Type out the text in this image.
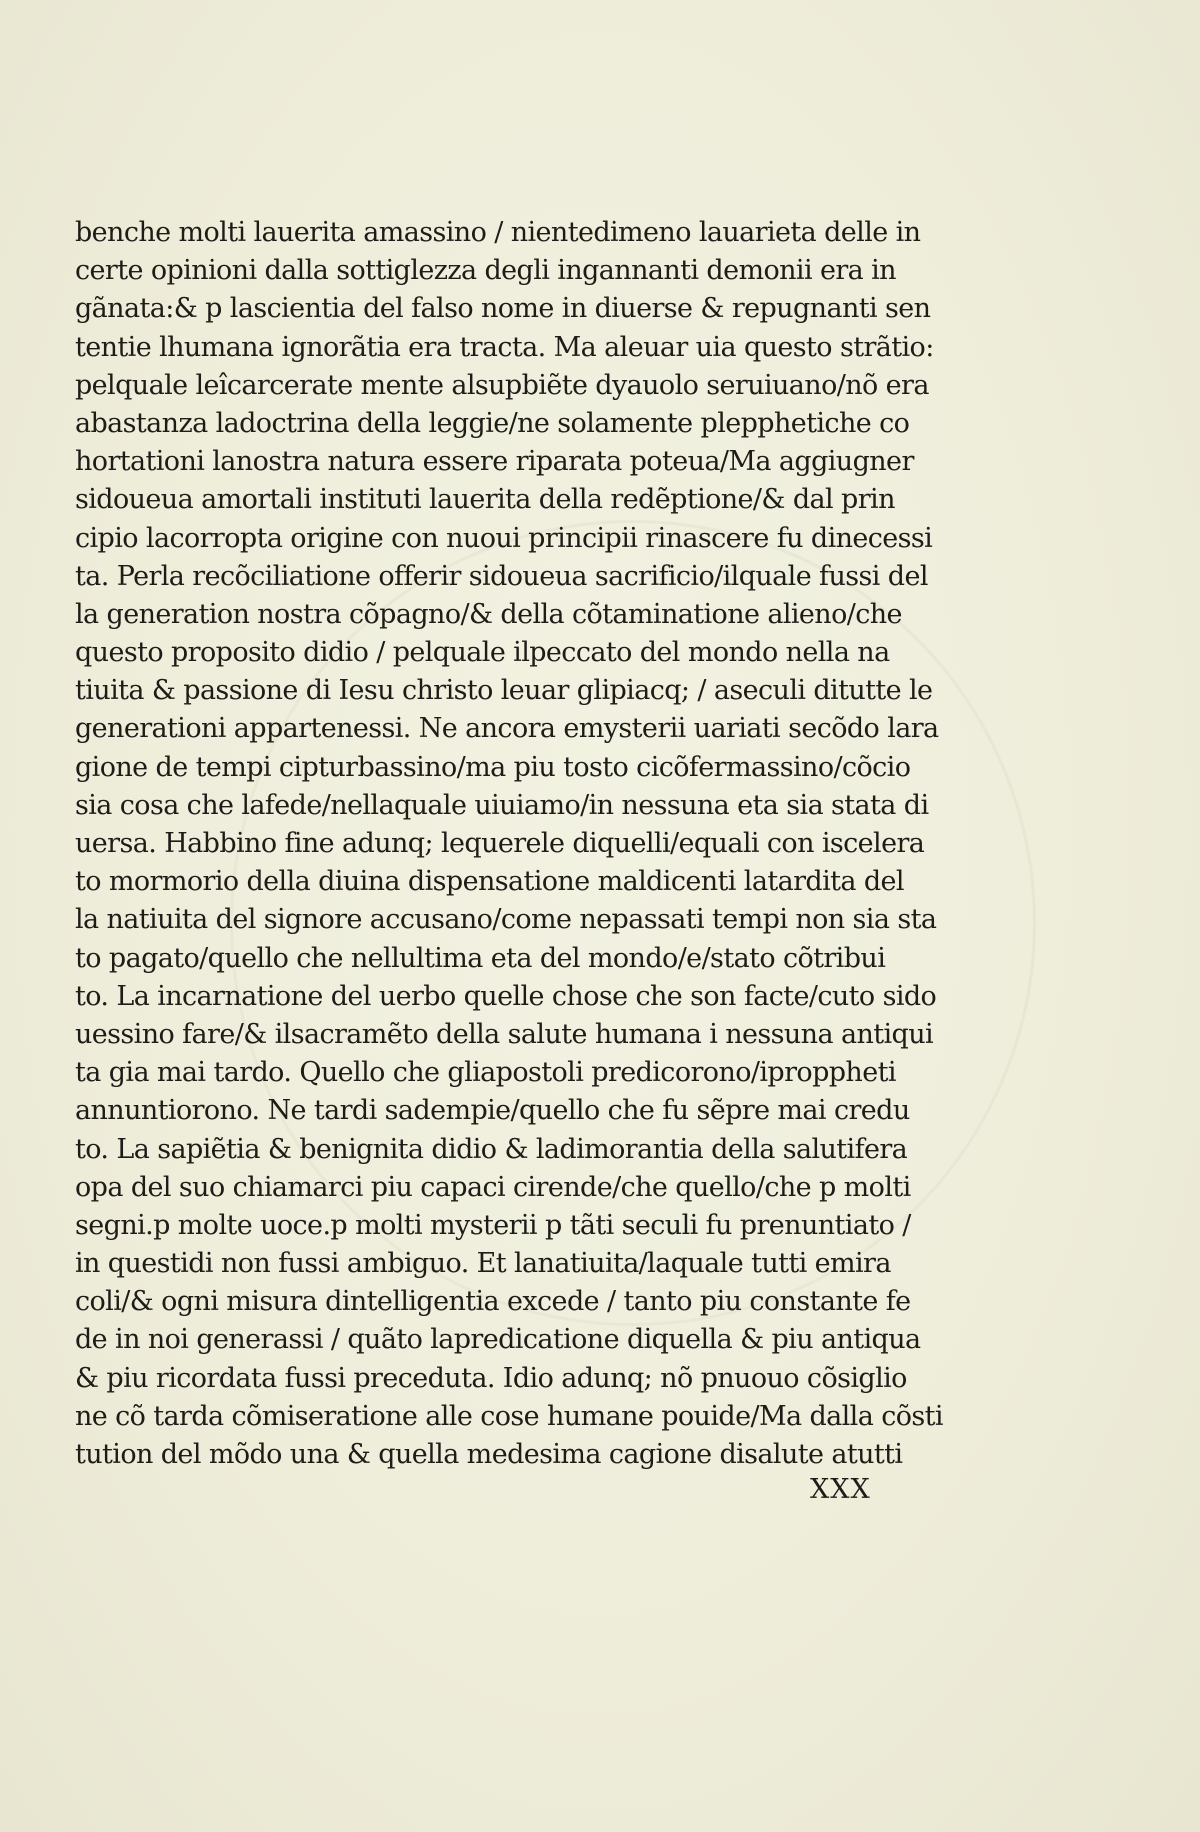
benche molti lauerita amassino / nientedimeno lauarieta delle in
certe opinioni dalla sottiglezza degli ingannanti demonii era in
gãnata:& p lascientia del falso nome in diuerse & repugnanti sen
tentie lhumana ignorãtia era tracta. Ma aleuar uia questo strãtio:
pelquale leîcarcerate mente alsupbiẽte dyauolo seruiuano/nõ era
abastanza ladoctrina della leggie/ne solamente plepphetiche co
hortationi lanostra natura essere riparata poteua/Ma aggiugner
sidoueua amortali instituti lauerita della redẽptione/& dal prin
cipio lacorropta origine con nuoui principii rinascere fu dinecessi
ta. Perla recõciliatione offerir sidoueua sacrificio/ilquale fussi del
la generation nostra cõpagno/& della cõtaminatione alieno/che
questo proposito didio / pelquale ilpeccato del mondo nella na
tiuita & passione di Iesu christo leuar glipiacq; / aseculi ditutte le
generationi appartenessi. Ne ancora emysterii uariati secõdo lara
gione de tempi cipturbassino/ma piu tosto cicõfermassino/cõcio
sia cosa che lafede/nellaquale uiuiamo/in nessuna eta sia stata di
uersa. Habbino fine adunq; lequerele diquelli/equali con iscelera
to mormorio della diuina dispensatione maldicenti latardita del
la natiuita del signore accusano/come nepassati tempi non sia sta
to pagato/quello che nellultima eta del mondo/e/stato cõtribui
to. La incarnatione del uerbo quelle chose che son facte/cuto sido
uessino fare/& ilsacramẽto della salute humana i nessuna antiqui
ta gia mai tardo. Quello che gliapostoli predicorono/iproppheti
annuntiorono. Ne tardi sadempie/quello che fu sẽpre mai credu
to. La sapiẽtia & benignita didio & ladimorantia della salutifera
opa del suo chiamarci piu capaci cirende/che quello/che p molti
segni.p molte uoce.p molti mysterii p tãti seculi fu prenuntiato /
in questidi non fussi ambiguo. Et lanatiuita/laquale tutti emira
coli/& ogni misura dintelligentia excede / tanto piu constante fe
de in noi generassi / quãto lapredicatione diquella & piu antiqua
& piu ricordata fussi preceduta. Idio adunq; nõ pnuouo cõsiglio
ne cõ tarda cõmiseratione alle cose humane pouide/Ma dalla cõsti
tution del mõdo una & quella medesima cagione disalute atutti
XXX
